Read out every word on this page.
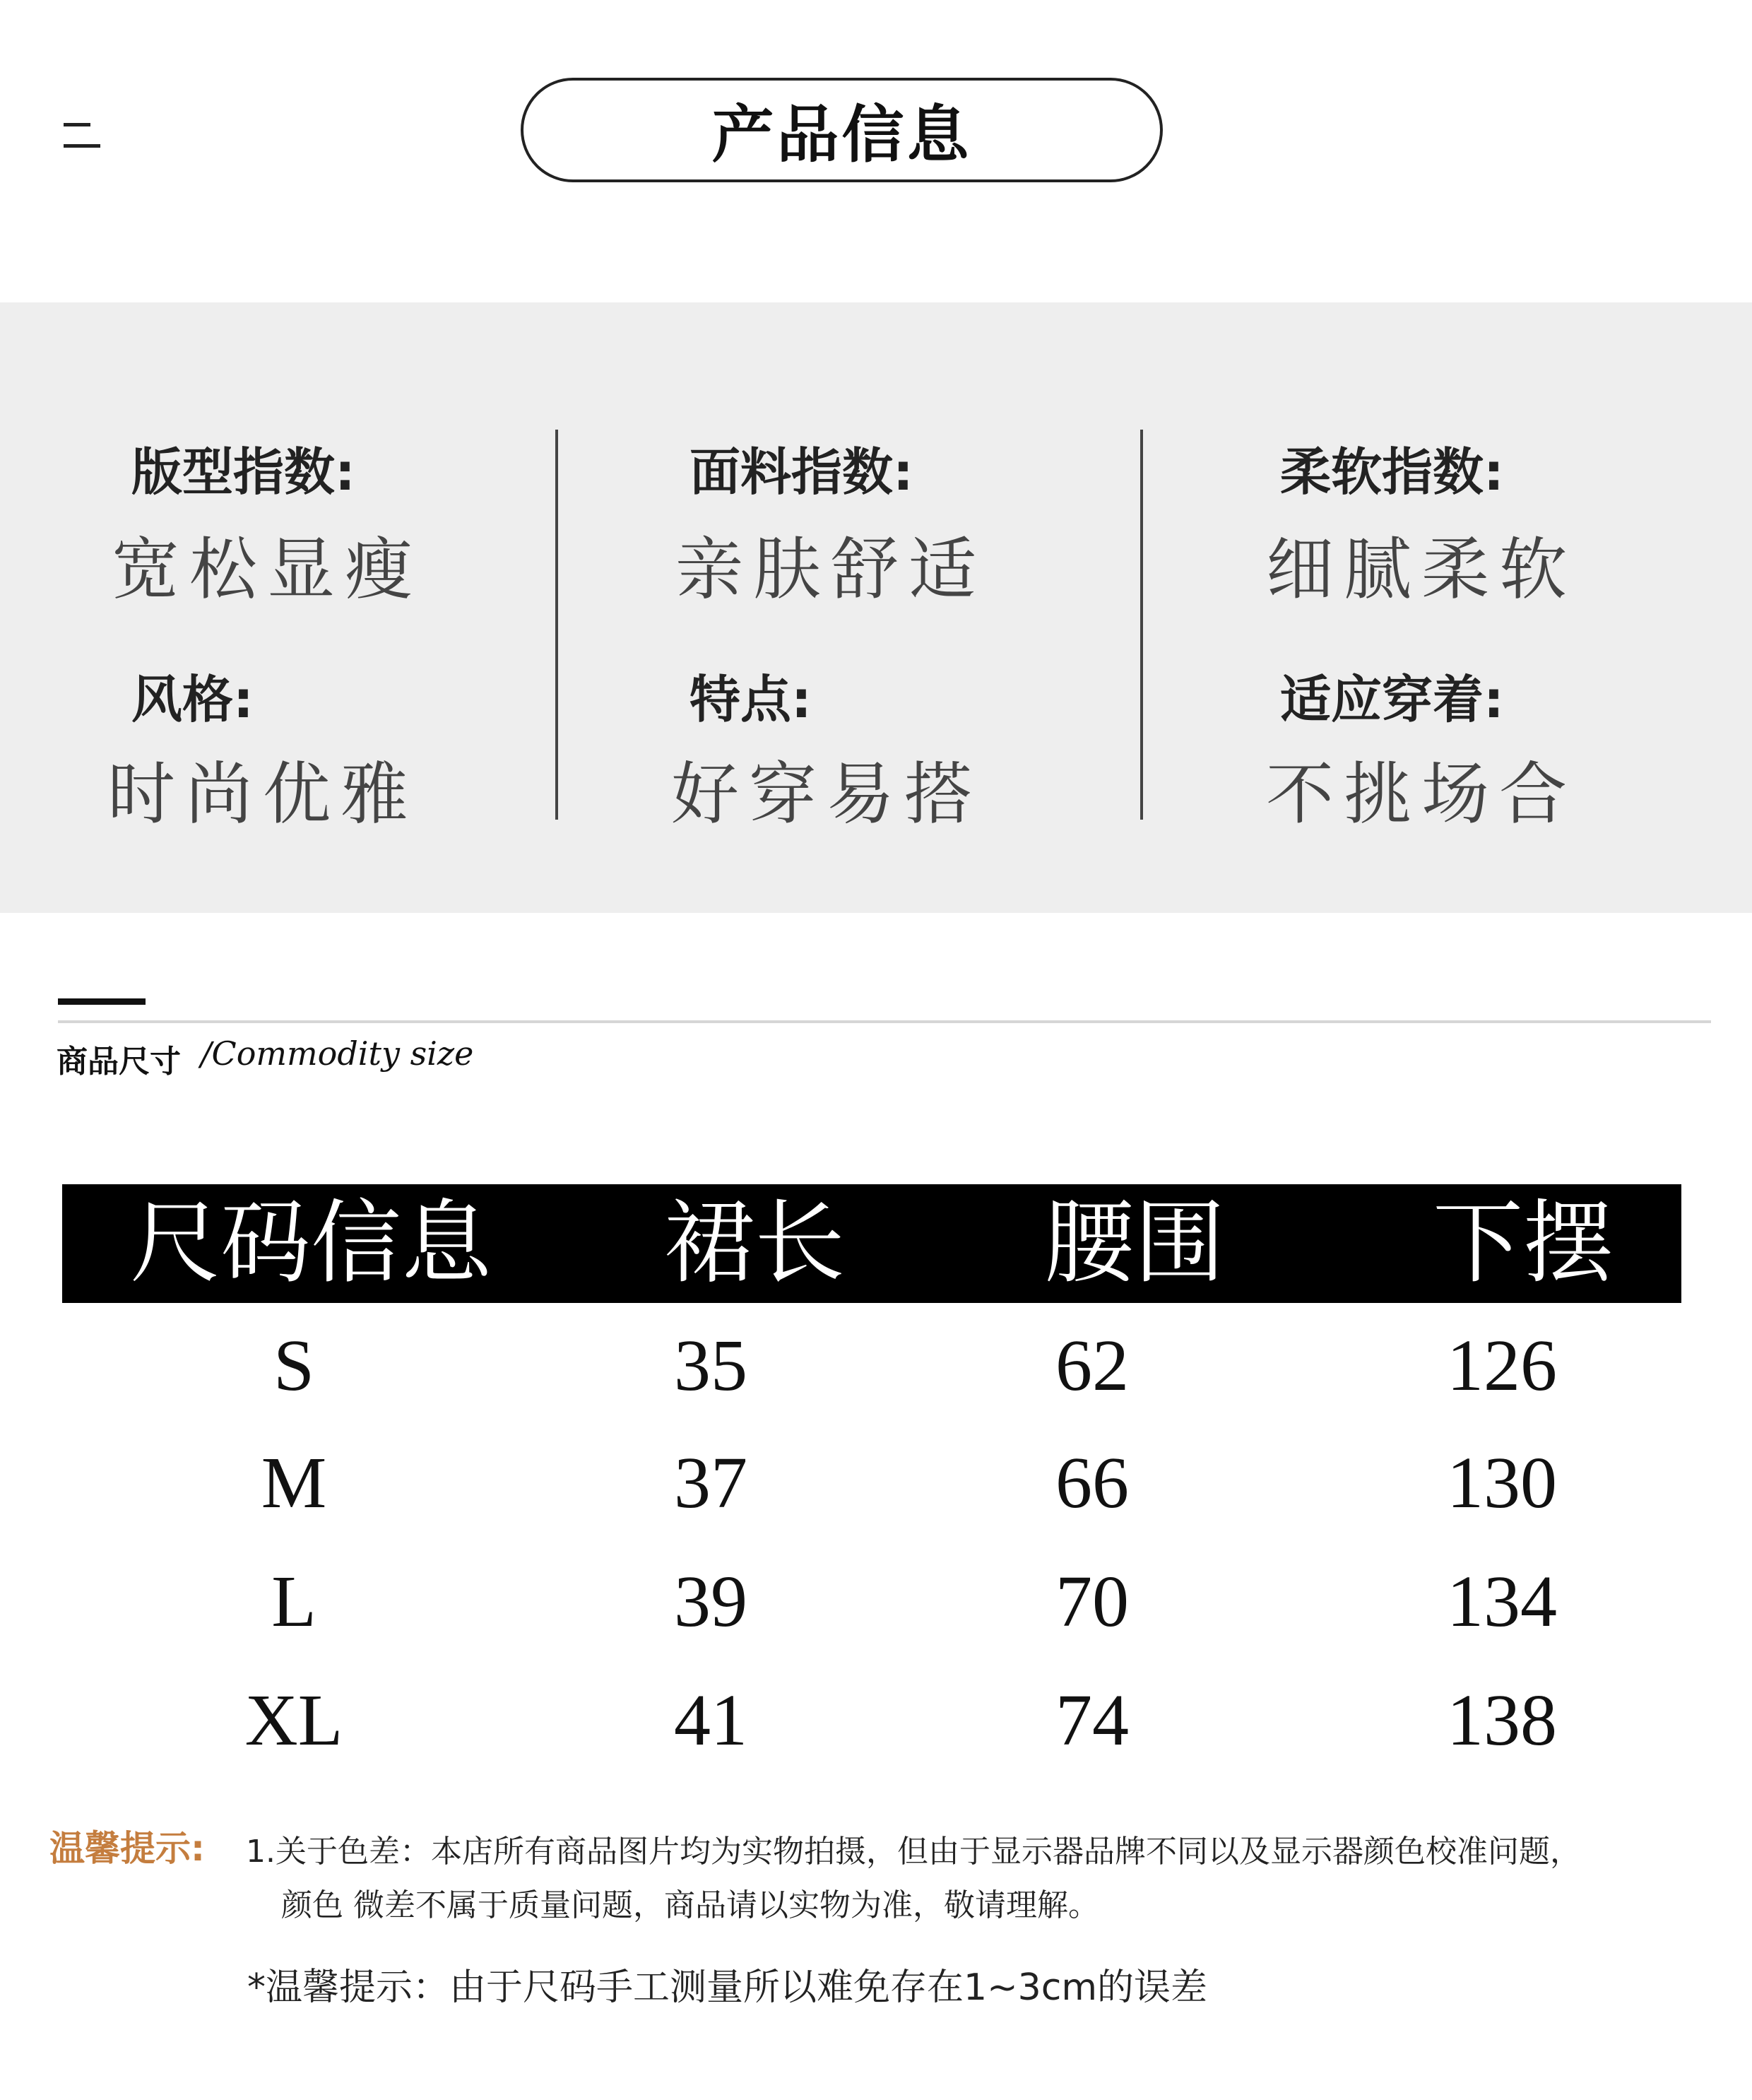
产品信息
版型指数:
宽松显瘦
面料指数:
亲肤舒适
柔软指数:
细腻柔软
风格:
时尚优雅
特点:
好穿易搭
适应穿着:
不挑场合
商品尺寸 /Commodity size
尺码信息	裙长	腰围	下摆
S	35	62	126
M	37	66	130
L	39	70	134
XL	41	74	138
温馨提示: 1.关于色差：本店所有商品图片均为实物拍摄，但由于显示器品牌不同以及显示器颜色校准问题，
颜色 微差不属于质量问题，商品请以实物为准，敬请理解。
*温馨提示：由于尺码手工测量所以难免存在1~3cm的误差
